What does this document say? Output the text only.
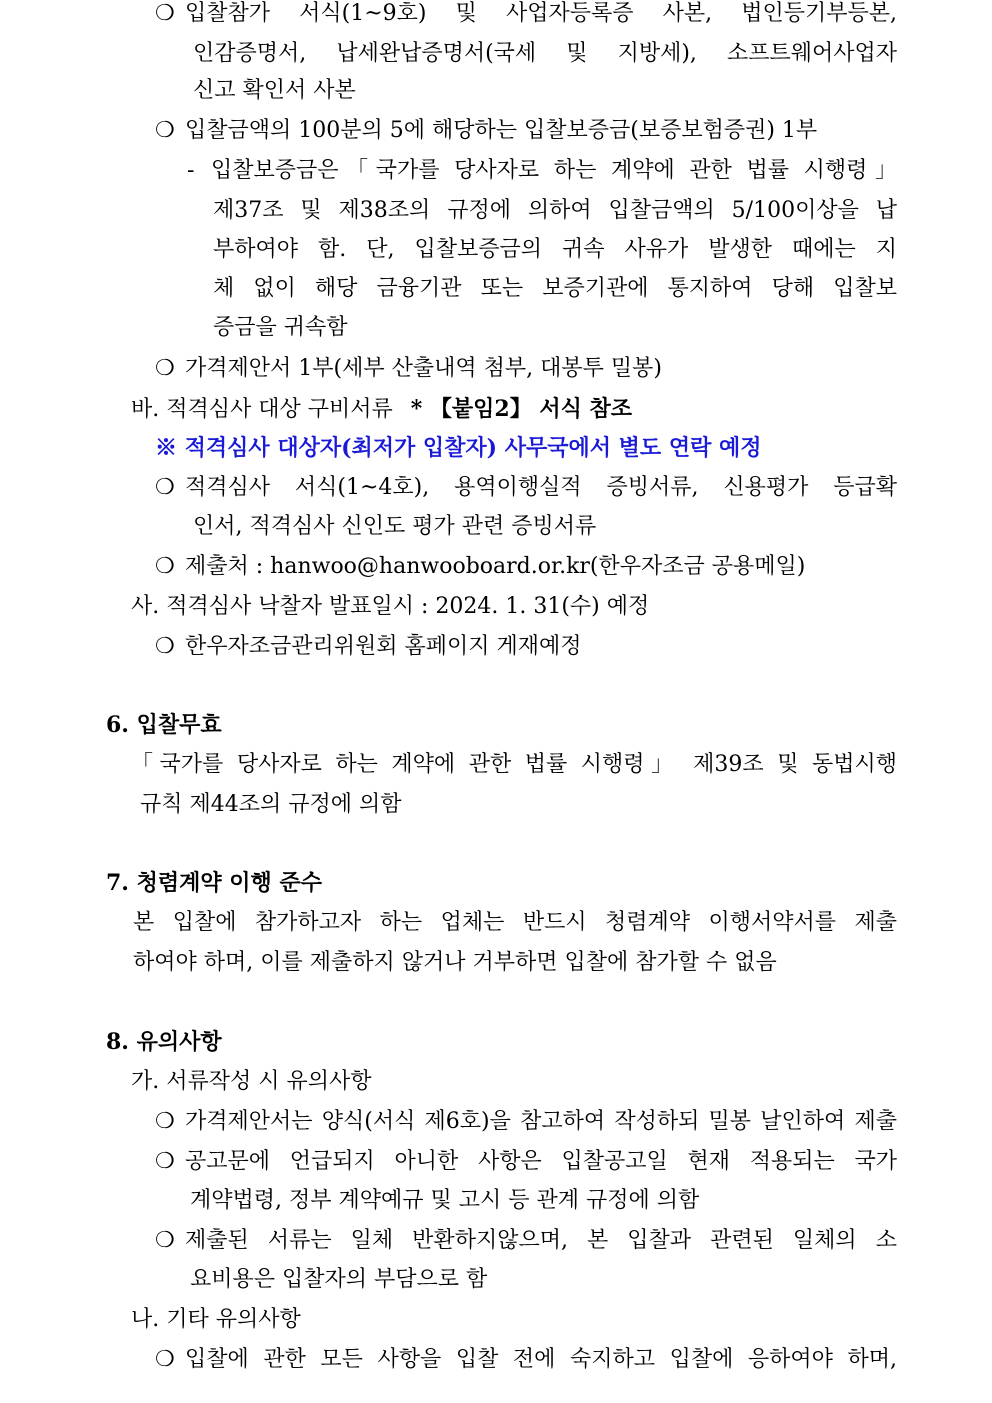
❍ 입찰참가 서식(1~9호) 및 사업자등록증 사본, 법인등기부등본,
인감증명서, 납세완납증명서(국세 및 지방세), 소프트웨어사업자
신고 확인서 사본
❍ 입찰금액의 100분의 5에 해당하는 입찰보증금(보증보험증권) 1부
- 입찰보증금은「국가를 당사자로 하는 계약에 관한 법률 시행령」
제37조 및 제38조의 규정에 의하여 입찰금액의 5/100이상을 납
부하여야 함. 단, 입찰보증금의 귀속 사유가 발생한 때에는 지
체 없이 해당 금융기관 또는 보증기관에 통지하여 당해 입찰보
증금을 귀속함
❍ 가격제안서 1부(세부 산출내역 첨부, 대봉투 밀봉)
바. 적격심사 대상 구비서류 * 【붙임2】 서식 참조
※ 적격심사 대상자(최저가 입찰자) 사무국에서 별도 연락 예정
❍ 적격심사 서식(1~4호), 용역이행실적 증빙서류, 신용평가 등급확
인서, 적격심사 신인도 평가 관련 증빙서류
❍ 제출처 : hanwoo@hanwooboard.or.kr(한우자조금 공용메일)
사. 적격심사 낙찰자 발표일시 : 2024. 1. 31(수) 예정
❍ 한우자조금관리위원회 홈페이지 게재예정
6. 입찰무효
「국가를 당사자로 하는 계약에 관한 법률 시행령」 제39조 및 동법시행
규칙 제44조의 규정에 의함
7. 청렴계약 이행 준수
본 입찰에 참가하고자 하는 업체는 반드시 청렴계약 이행서약서를 제출
하여야 하며, 이를 제출하지 않거나 거부하면 입찰에 참가할 수 없음
8. 유의사항
가. 서류작성 시 유의사항
❍ 가격제안서는 양식(서식 제6호)을 참고하여 작성하되 밀봉 날인하여 제출
❍ 공고문에 언급되지 아니한 사항은 입찰공고일 현재 적용되는 국가
계약법령, 정부 계약예규 및 고시 등 관계 규정에 의함
❍ 제출된 서류는 일체 반환하지않으며, 본 입찰과 관련된 일체의 소
요비용은 입찰자의 부담으로 함
나. 기타 유의사항
❍ 입찰에 관한 모든 사항을 입찰 전에 숙지하고 입찰에 응하여야 하며,
